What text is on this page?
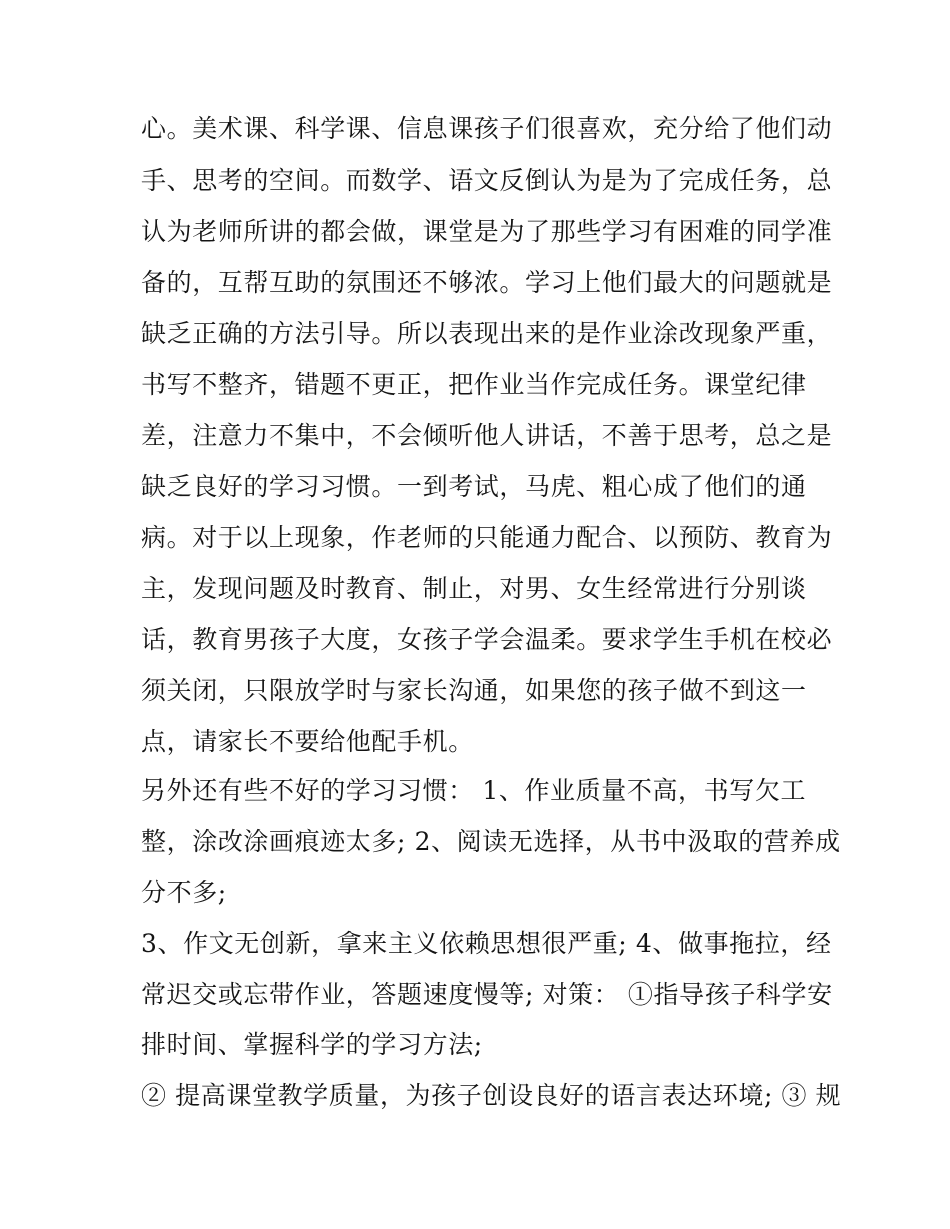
心。美术课、科学课、信息课孩子们很喜欢，充分给了他们动
手、思考的空间。而数学、语文反倒认为是为了完成任务，总
认为老师所讲的都会做，课堂是为了那些学习有困难的同学准
备的，互帮互助的氛围还不够浓。学习上他们最大的问题就是
缺乏正确的方法引导。所以表现出来的是作业涂改现象严重，
书写不整齐，错题不更正，把作业当作完成任务。课堂纪律
差，注意力不集中，不会倾听他人讲话，不善于思考，总之是
缺乏良好的学习习惯。一到考试，马虎、粗心成了他们的通
病。对于以上现象，作老师的只能通力配合、以预防、教育为
主，发现问题及时教育、制止，对男、女生经常进行分别谈
话，教育男孩子大度，女孩子学会温柔。要求学生手机在校必
须关闭，只限放学时与家长沟通，如果您的孩子做不到这一
点，请家长不要给他配手机。
另外还有些不好的学习习惯： 1、作业质量不高，书写欠工
整，涂改涂画痕迹太多; 2、阅读无选择，从书中汲取的营养成
分不多;
3、作文无创新，拿来主义依赖思想很严重; 4、做事拖拉，经
常迟交或忘带作业，答题速度慢等; 对策： ①指导孩子科学安
排时间、掌握科学的学习方法;
② 提高课堂教学质量，为孩子创设良好的语言表达环境; ③ 规
